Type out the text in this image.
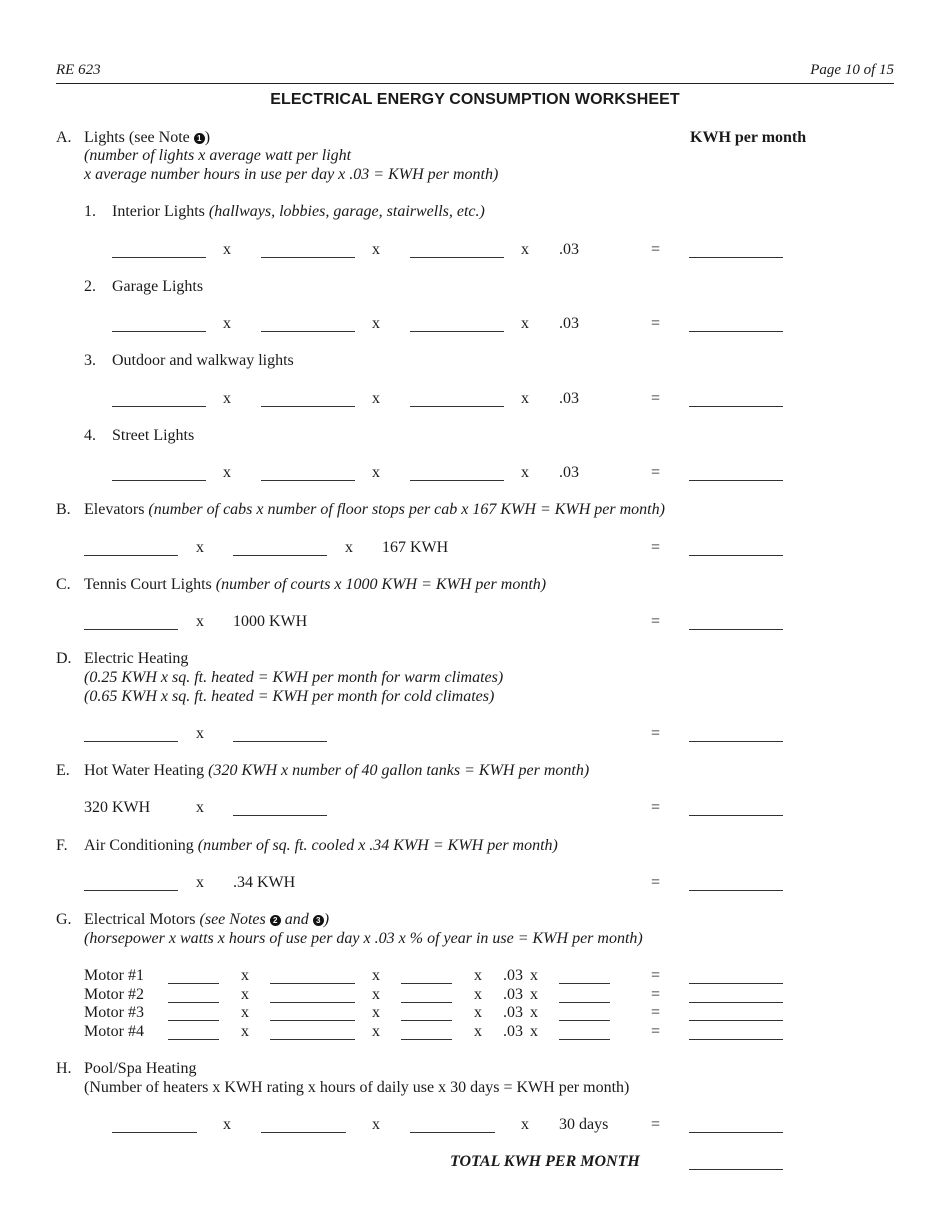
RE 623	Page 10 of 15
ELECTRICAL ENERGY CONSUMPTION WORKSHEET
A. Lights (see Note 1 )	KWH per month
(number of lights x average watt per light
x average number hours in use per day x .03 = KWH per month)
1. Interior Lights (hallways, lobbies, garage, stairwells, etc.)
x	x	x .03	=
2. Garage Lights
x	x	x .03	=
3. Outdoor and walkway lights
x	x	x .03	=
4. Street Lights
x	x	x .03	=
B. Elevators (number of cabs x number of floor stops per cab x 167 KWH = KWH per month)
x	x 167 KWH	=
C. Tennis Court Lights (number of courts x 1000 KWH = KWH per month)
x 1000 KWH	=
D. Electric Heating
(0.25 KWH x sq. ft. heated = KWH per month for warm climates)
(0.65 KWH x sq. ft. heated = KWH per month for cold climates)
x	=
E. Hot Water Heating (320 KWH x number of 40 gallon tanks = KWH per month)
320 KWH	x	=
F. Air Conditioning (number of sq. ft. cooled x .34 KWH = KWH per month)
x .34 KWH	=
G. Electrical Motors (see Notes 2 and 3 )
(horsepower x watts x hours of use per day x .03 x % of year in use = KWH per month)
Motor #1	x	x	x .03 x	=
Motor #2	x	x	x .03 x	=
Motor #3	x	x	x .03 x	=
Motor #4	x	x	x .03 x	=
H. Pool/Spa Heating
(Number of heaters x KWH rating x hours of daily use x 30 days = KWH per month)
x	x	x 30 days	=
TOTAL KWH PER MONTH
